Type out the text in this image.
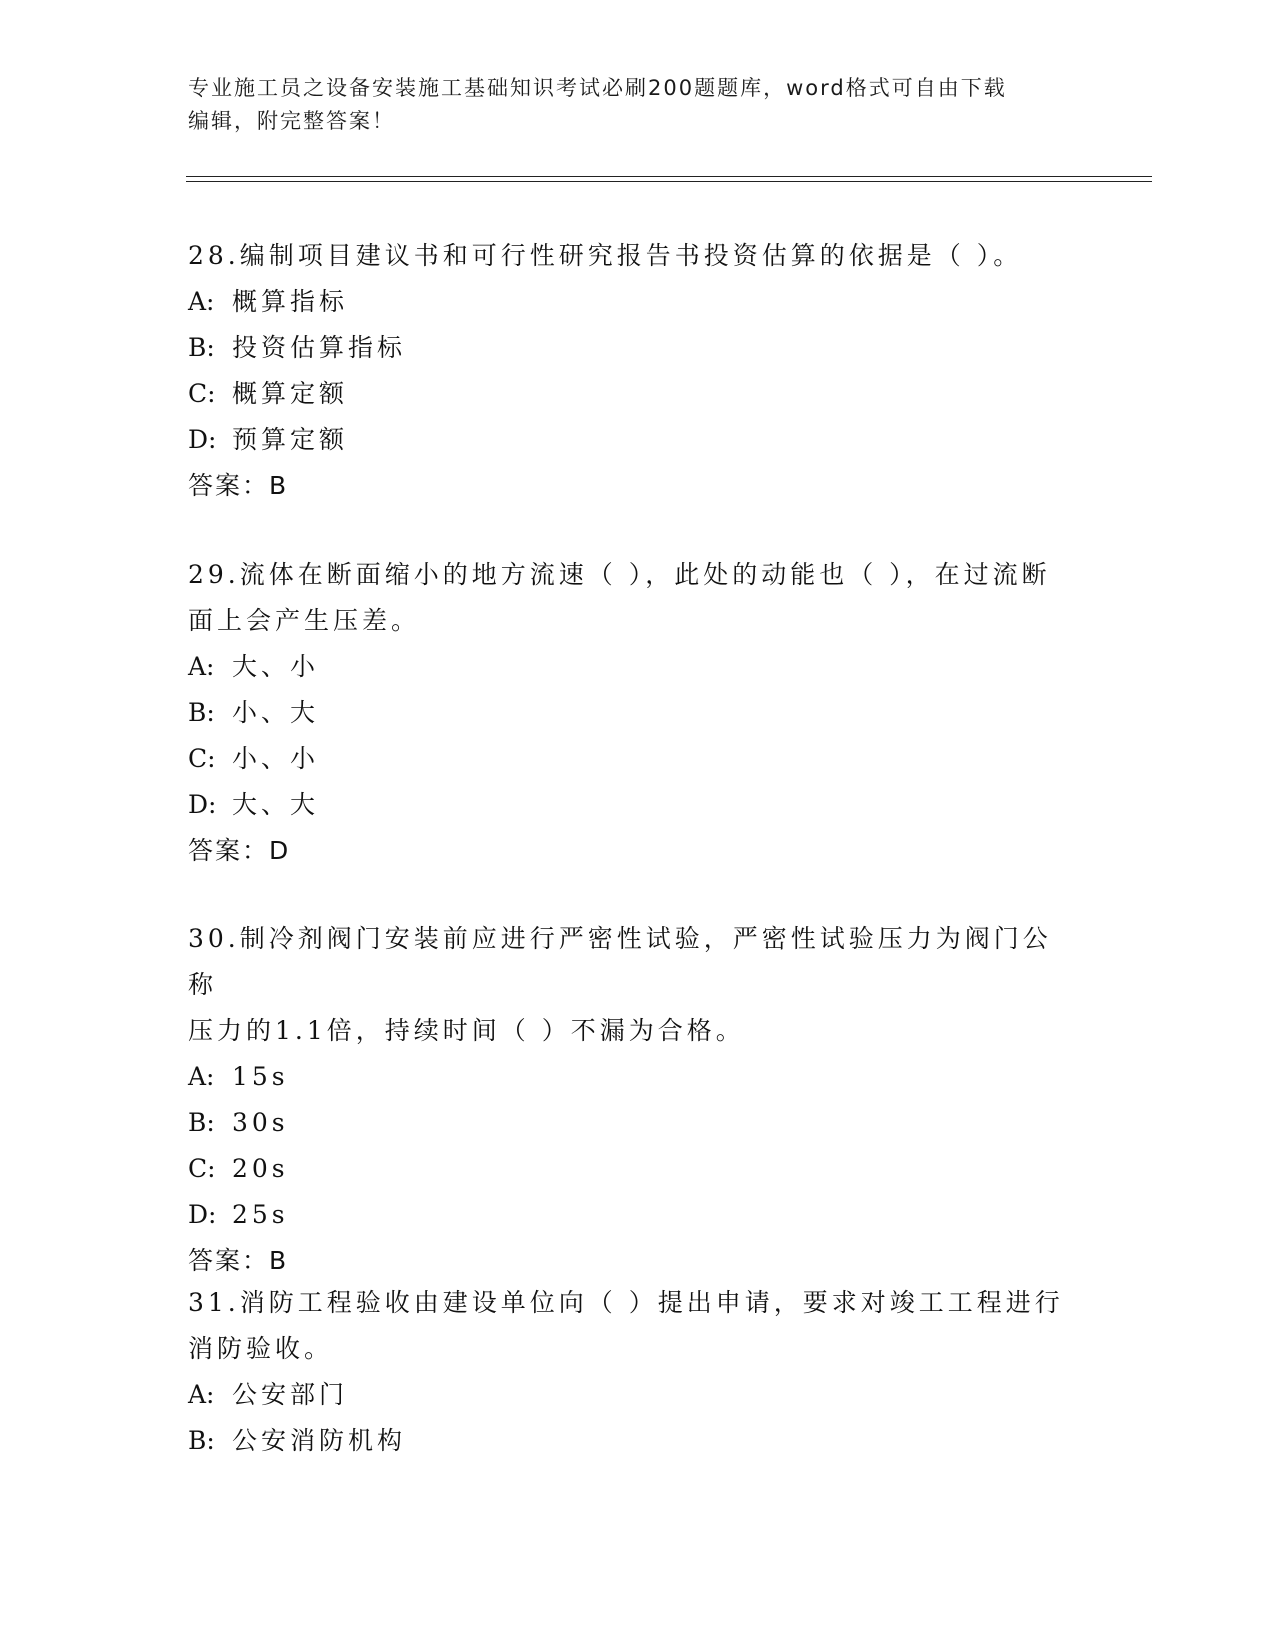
专业施工员之设备安装施工基础知识考试必刷200题题库，word格式可自由下载
编辑，附完整答案！

28.编制项目建议书和可行性研究报告书投资估算的依据是（ ）。

A: 概算指标

B: 投资估算指标

C: 概算定额

D: 预算定额

答案：B

29.流体在断面缩小的地方流速（ ），此处的动能也（ ），在过流断

面上会产生压差。

A: 大、小

B: 小、大

C: 小、小

D: 大、大

答案：D

30.制冷剂阀门安装前应进行严密性试验，严密性试验压力为阀门公称

压力的1.1倍，持续时间（ ）不漏为合格。

A: 15s

B: 30s

C: 20s

D: 25s

答案：B

31.消防工程验收由建设单位向（ ）提出申请，要求对竣工工程进行

消防验收。

A: 公安部门

B: 公安消防机构
